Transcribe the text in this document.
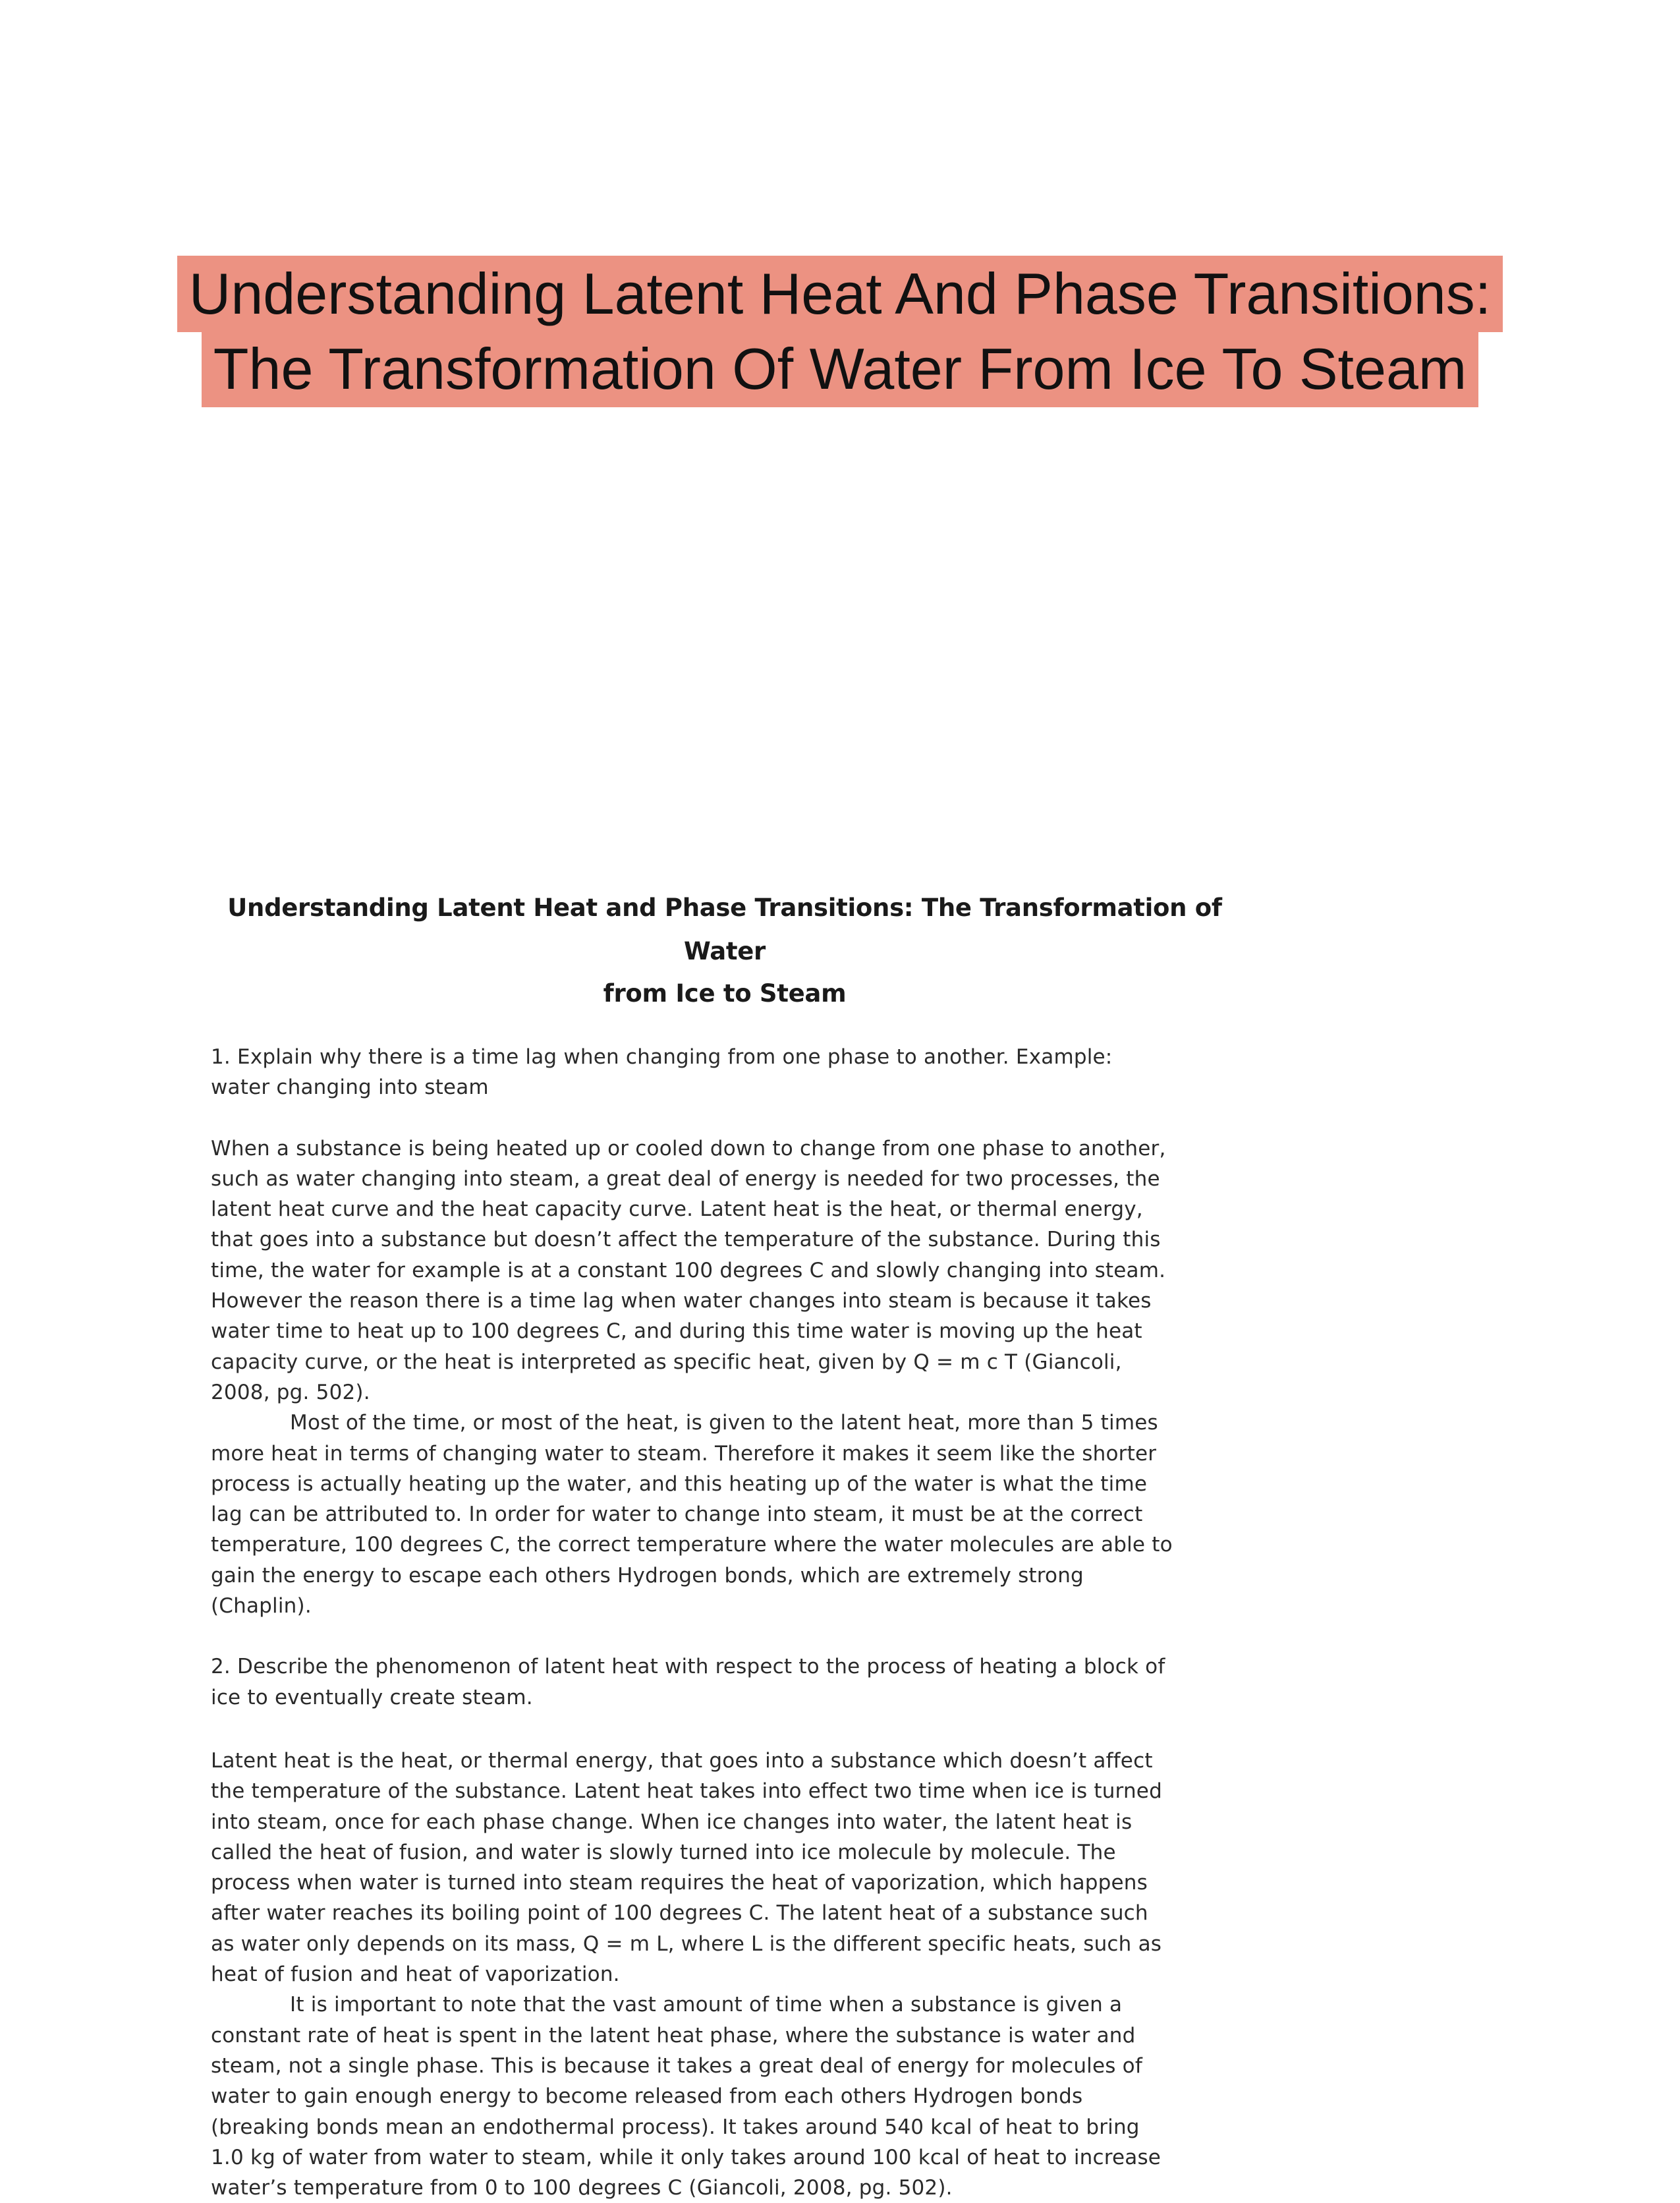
Understanding Latent Heat And Phase Transitions:
The Transformation Of Water From Ice To Steam
Understanding Latent Heat and Phase Transitions: The Transformation of Water
from Ice to Steam

1. Explain why there is a time lag when changing from one phase to another. Example:

water changing into steam

When a substance is being heated up or cooled down to change from one phase to another,

such as water changing into steam, a great deal of energy is needed for two processes, the

latent heat curve and the heat capacity curve. Latent heat is the heat, or thermal energy,

that goes into a substance but doesn’t affect the temperature of the substance. During this

time, the water for example is at a constant 100 degrees C and slowly changing into steam.

However the reason there is a time lag when water changes into steam is because it takes

water time to heat up to 100 degrees C, and during this time water is moving up the heat

capacity curve, or the heat is interpreted as specific heat, given by Q = m c T (Giancoli,

2008, pg. 502).

Most of the time, or most of the heat, is given to the latent heat, more than 5 times

more heat in terms of changing water to steam. Therefore it makes it seem like the shorter

process is actually heating up the water, and this heating up of the water is what the time

lag can be attributed to. In order for water to change into steam, it must be at the correct

temperature, 100 degrees C, the correct temperature where the water molecules are able to

gain the energy to escape each others Hydrogen bonds, which are extremely strong

(Chaplin).

2. Describe the phenomenon of latent heat with respect to the process of heating a block of

ice to eventually create steam.

Latent heat is the heat, or thermal energy, that goes into a substance which doesn’t affect

the temperature of the substance. Latent heat takes into effect two time when ice is turned

into steam, once for each phase change. When ice changes into water, the latent heat is

called the heat of fusion, and water is slowly turned into ice molecule by molecule. The

process when water is turned into steam requires the heat of vaporization, which happens

after water reaches its boiling point of 100 degrees C. The latent heat of a substance such

as water only depends on its mass, Q = m L, where L is the different specific heats, such as

heat of fusion and heat of vaporization.

It is important to note that the vast amount of time when a substance is given a

constant rate of heat is spent in the latent heat phase, where the substance is water and

steam, not a single phase. This is because it takes a great deal of energy for molecules of

water to gain enough energy to become released from each others Hydrogen bonds

(breaking bonds mean an endothermal process). It takes around 540 kcal of heat to bring

1.0 kg of water from water to steam, while it only takes around 100 kcal of heat to increase

water’s temperature from 0 to 100 degrees C (Giancoli, 2008, pg. 502).
